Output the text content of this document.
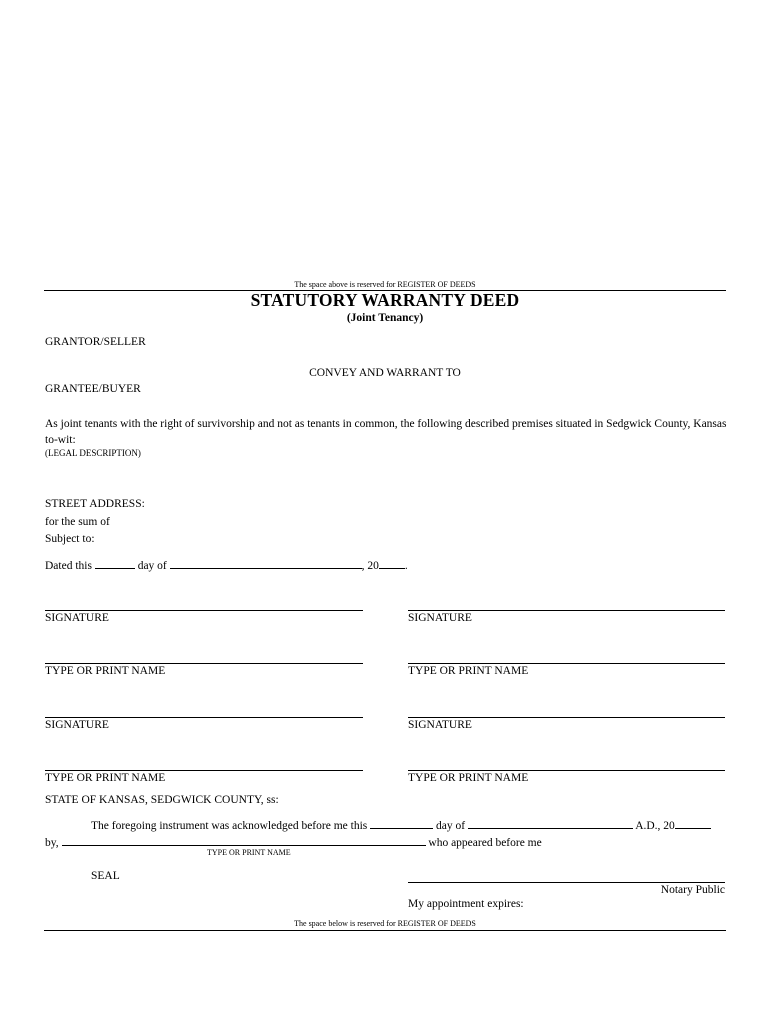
The space above is reserved for REGISTER OF DEEDS
STATUTORY WARRANTY DEED
(Joint Tenancy)
GRANTOR/SELLER
CONVEY AND WARRANT TO
GRANTEE/BUYER
As joint tenants with the right of survivorship and not as tenants in common, the following described premises situated in Sedgwick County, Kansas
to-wit:
(LEGAL DESCRIPTION)
STREET ADDRESS:
for the sum of
Subject to:
Dated this	day of	, 20 .
SIGNATURE	SIGNATURE
TYPE OR PRINT NAME	TYPE OR PRINT NAME
SIGNATURE	SIGNATURE
TYPE OR PRINT NAME	TYPE OR PRINT NAME
STATE OF KANSAS, SEDGWICK COUNTY, ss:
The foregoing instrument was acknowledged before me this	day of	A.D., 20
by,	who appeared before me
TYPE OR PRINT NAME
SEAL
Notary Public
My appointment expires:
The space below is reserved for REGISTER OF DEEDS
